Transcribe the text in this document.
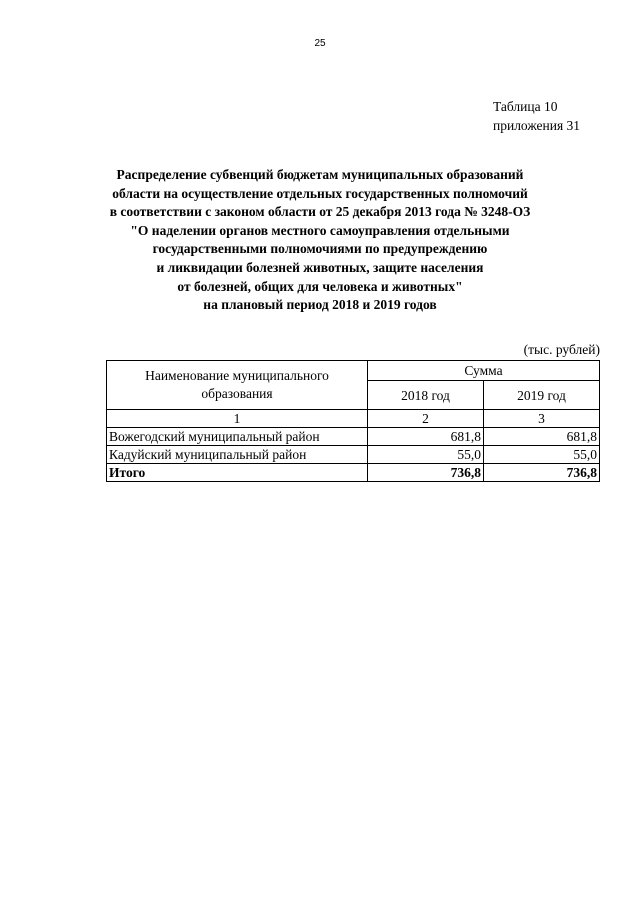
25
Таблица 10
приложения 31
Распределение субвенций бюджетам муниципальных образований
области на осуществление отдельных государственных полномочий
в соответствии с законом области от 25 декабря 2013 года № 3248-ОЗ
"О наделении органов местного самоуправления отдельными
государственными полномочиями по предупреждению
и ликвидации болезней животных, защите населения
от болезней, общих для человека и животных"
на плановый период 2018 и 2019 годов
(тыс. рублей)
Наименование муниципального
образования	Сумма	
	2018 год	2019 год
1	2	3
Вожегодский муниципальный район	681,8	681,8
Кадуйский муниципальный район	55,0	55,0
Итого	736,8	736,8
